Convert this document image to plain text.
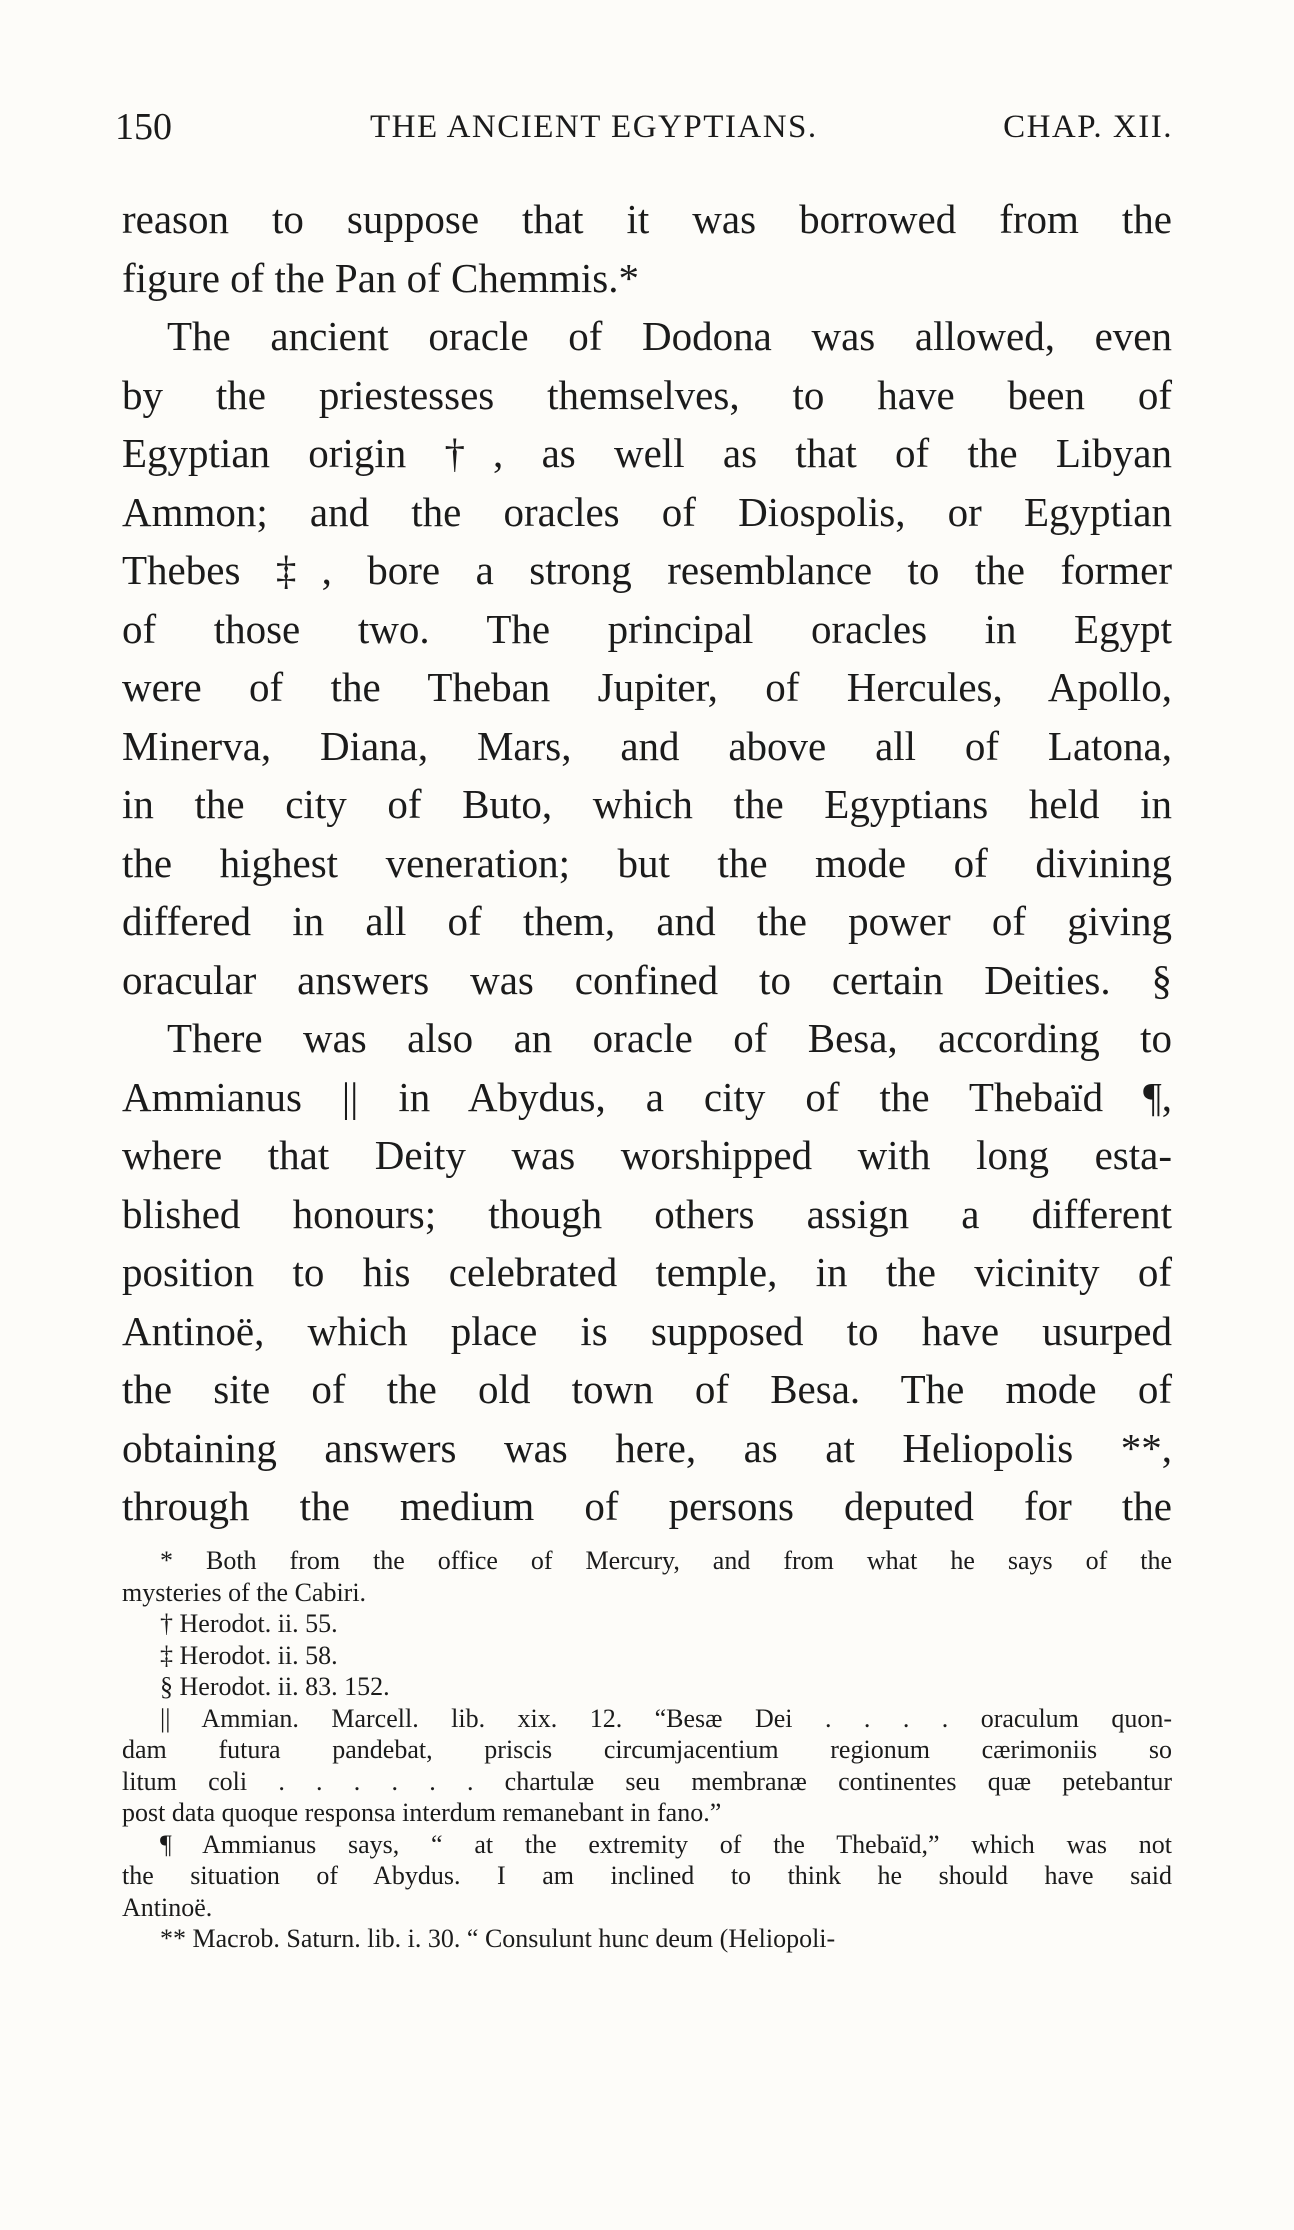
150	THE ANCIENT EGYPTIANS.	CHAP. XII.
reason to suppose that it was borrowed from the
figure of the Pan of Chemmis.*
The ancient oracle of Dodona was allowed, even
by the priestesses themselves, to have been of
Egyptian origin †, as well as that of the Libyan
Ammon; and the oracles of Diospolis, or Egyptian
Thebes ‡, bore a strong resemblance to the former
of those two. The principal oracles in Egypt
were of the Theban Jupiter, of Hercules, Apollo,
Minerva, Diana, Mars, and above all of Latona,
in the city of Buto, which the Egyptians held in
the highest veneration; but the mode of divining
differed in all of them, and the power of giving
oracular answers was confined to certain Deities. §
There was also an oracle of Besa, according to
Ammianus || in Abydus, a city of the Thebaïd ¶,
where that Deity was worshipped with long esta-
blished honours; though others assign a different
position to his celebrated temple, in the vicinity of
Antinoë, which place is supposed to have usurped
the site of the old town of Besa. The mode of
obtaining answers was here, as at Heliopolis **,
through the medium of persons deputed for the
* Both from the office of Mercury, and from what he says of the
mysteries of the Cabiri.
† Herodot. ii. 55.
‡ Herodot. ii. 58.
§ Herodot. ii. 83. 152.
|| Ammian. Marcell. lib. xix. 12. “Besæ Dei . . . . oraculum quon-
dam futura pandebat, priscis circumjacentium regionum cærimoniis so
litum coli . . . . . . chartulæ seu membranæ continentes quæ petebantur
post data quoque responsa interdum remanebant in fano.”
¶ Ammianus says, “ at the extremity of the Thebaïd,” which was not
the situation of Abydus. I am inclined to think he should have said
Antinoë.
** Macrob. Saturn. lib. i. 30. “ Consulunt hunc deum (Heliopoli-
